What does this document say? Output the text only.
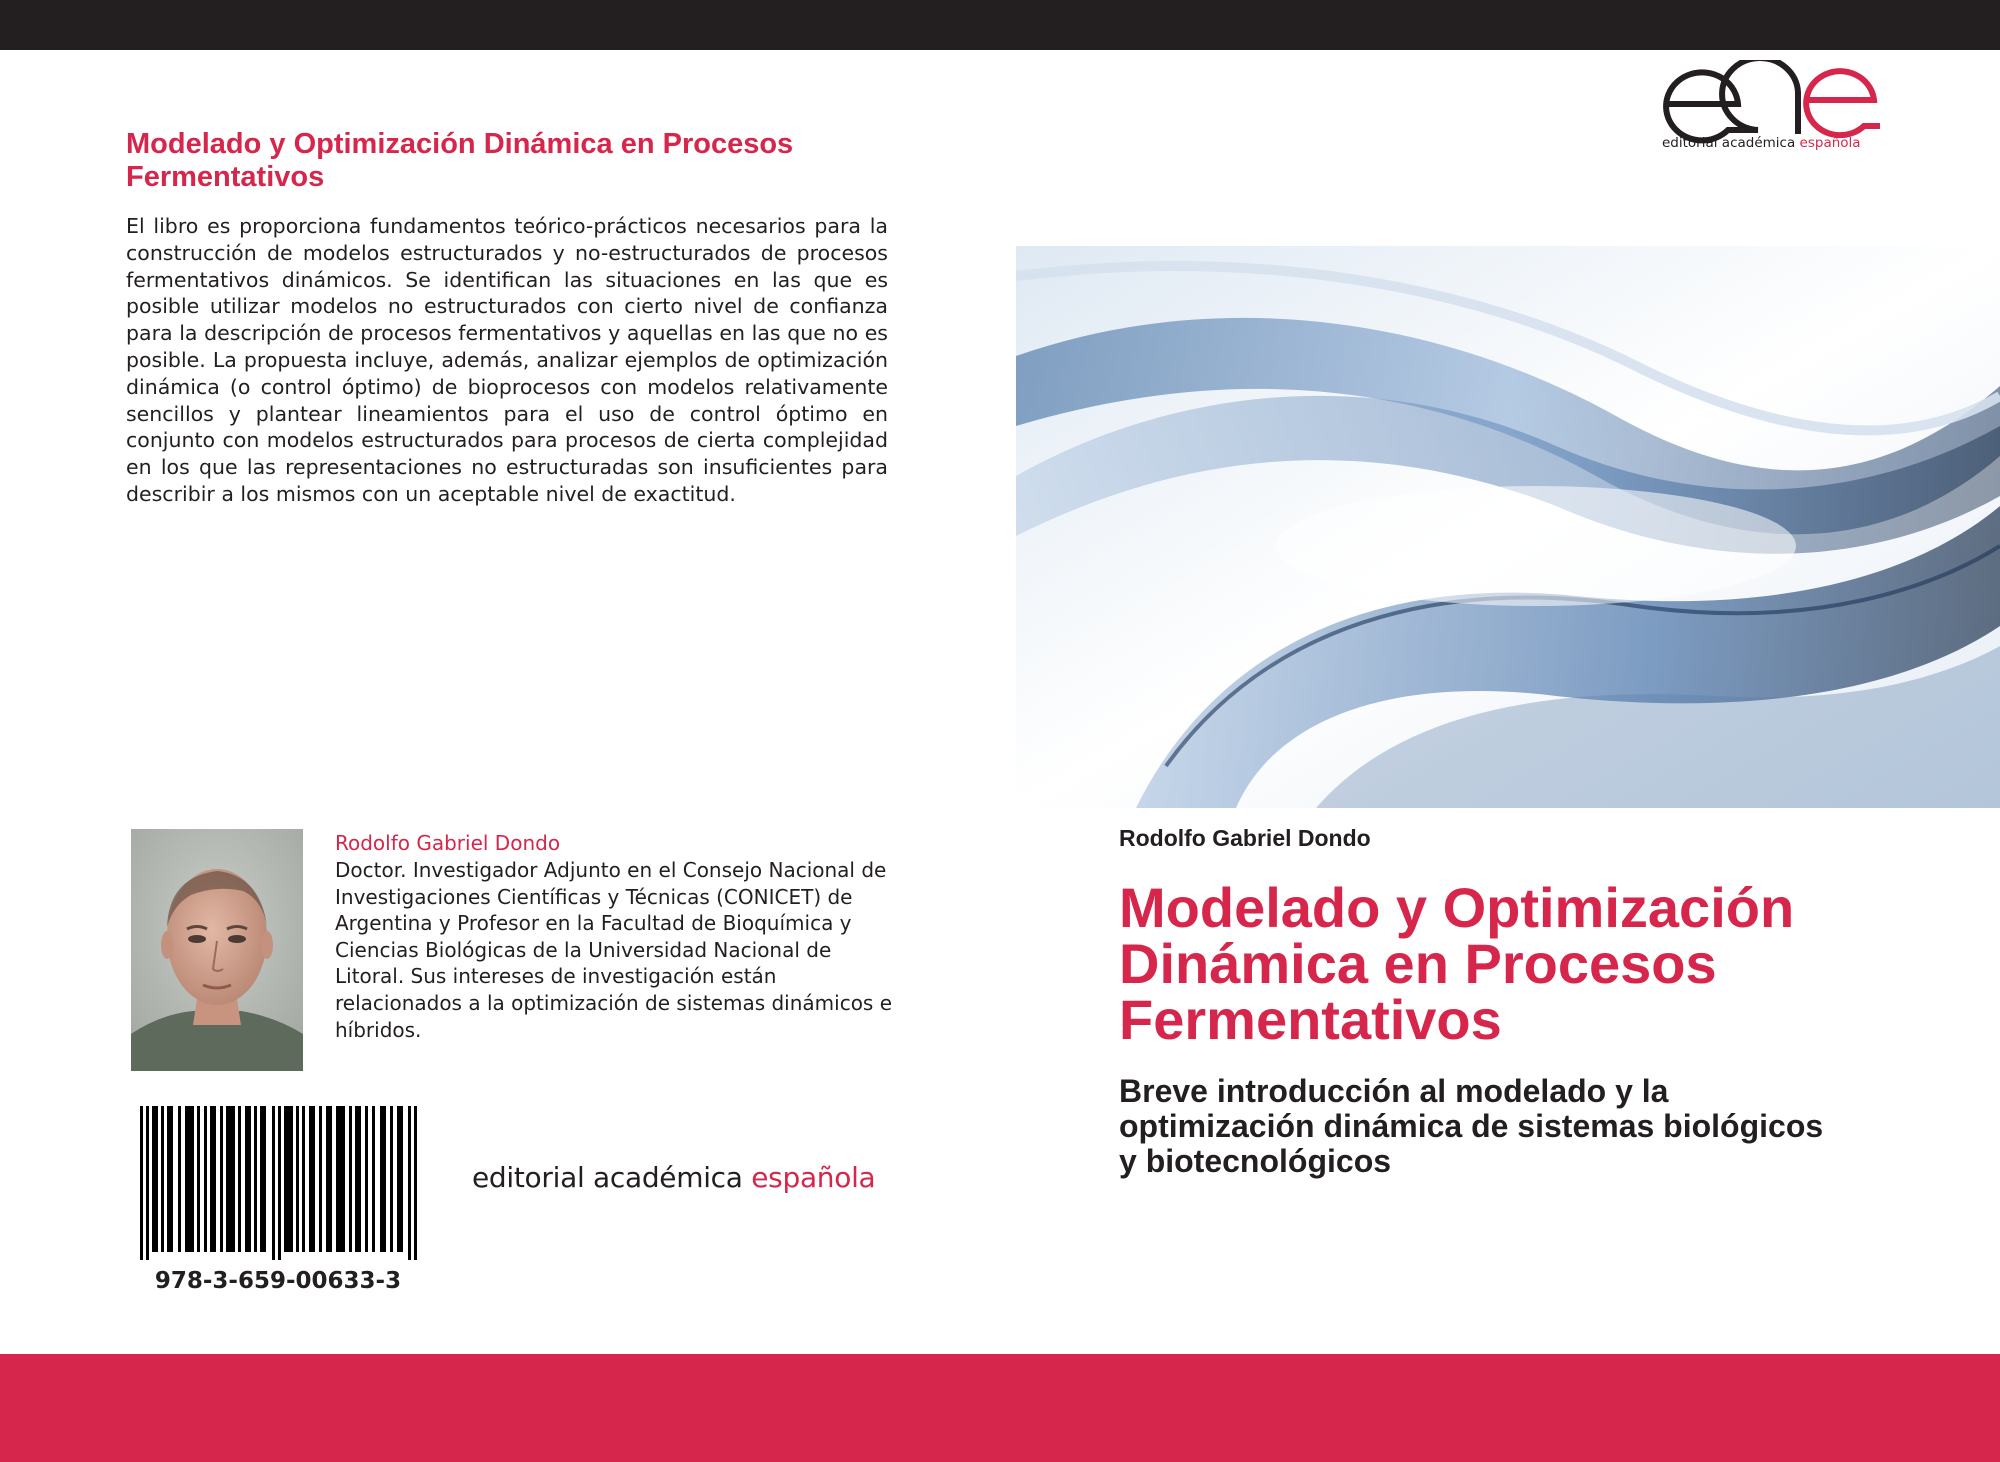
Modelado y Optimización Dinámica en Procesos Fermentativos

El libro es proporciona fundamentos teórico-prácticos necesarios para la construcción de modelos estructurados y no-estructurados de procesos fermentativos dinámicos. Se identifican las situaciones en las que es posible utilizar modelos no estructurados con cierto nivel de confianza para la descripción de procesos fermentativos y aquellas en las que no es posible. La propuesta incluye, además, analizar ejemplos de optimización dinámica (o control óptimo) de bioprocesos con modelos relativamente sencillos y plantear lineamientos para el uso de control óptimo en conjunto con modelos estructurados para procesos de cierta complejidad en los que las representaciones no estructuradas son insuficientes para describir a los mismos con un aceptable nivel de exactitud.

Rodolfo Gabriel Dondo

Doctor. Investigador Adjunto en el Consejo Nacional de Investigaciones Científicas y Técnicas (CONICET) de Argentina y Profesor en la Facultad de Bioquímica y Ciencias Biológicas de la Universidad Nacional de Litoral. Sus intereses de investigación están relacionados a la optimización de sistemas dinámicos e híbridos.

978-3-659-00633-3
editorial académica española
editorial académica española
Rodolfo Gabriel Dondo
Modelado y Optimización Dinámica en Procesos Fermentativos

Breve introducción al modelado y la optimización dinámica de sistemas biológicos y biotecnológicos
